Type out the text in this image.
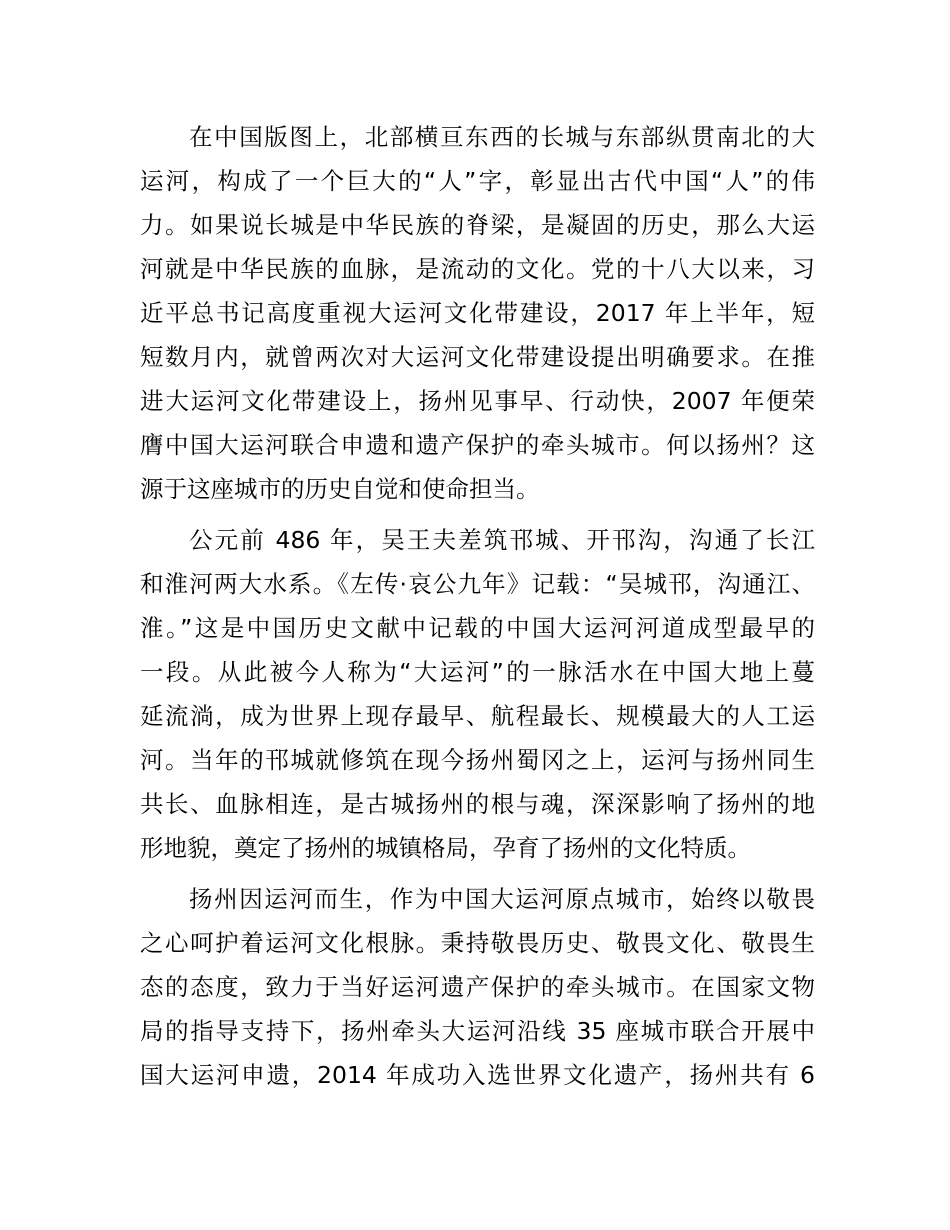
在中国版图上，北部横亘东西的长城与东部纵贯南北的大
运河，构成了一个巨大的“人”字，彰显出古代中国“人”的伟
力。如果说长城是中华民族的脊梁，是凝固的历史，那么大运
河就是中华民族的血脉，是流动的文化。党的十八大以来，习
近平总书记高度重视大运河文化带建设，2017 年上半年，短
短数月内，就曾两次对大运河文化带建设提出明确要求。在推
进大运河文化带建设上，扬州见事早、行动快，2007 年便荣
膺中国大运河联合申遗和遗产保护的牵头城市。何以扬州？这
源于这座城市的历史自觉和使命担当。
公元前 486 年，吴王夫差筑邗城、开邗沟，沟通了长江
和淮河两大水系。《左传·哀公九年》记载：“吴城邗，沟通江、
淮。”这是中国历史文献中记载的中国大运河河道成型最早的
一段。从此被今人称为“大运河”的一脉活水在中国大地上蔓
延流淌，成为世界上现存最早、航程最长、规模最大的人工运
河。当年的邗城就修筑在现今扬州蜀冈之上，运河与扬州同生
共长、血脉相连，是古城扬州的根与魂，深深影响了扬州的地
形地貌，奠定了扬州的城镇格局，孕育了扬州的文化特质。
扬州因运河而生，作为中国大运河原点城市，始终以敬畏
之心呵护着运河文化根脉。秉持敬畏历史、敬畏文化、敬畏生
态的态度，致力于当好运河遗产保护的牵头城市。在国家文物
局的指导支持下，扬州牵头大运河沿线 35 座城市联合开展中
国大运河申遗，2014 年成功入选世界文化遗产，扬州共有 6
